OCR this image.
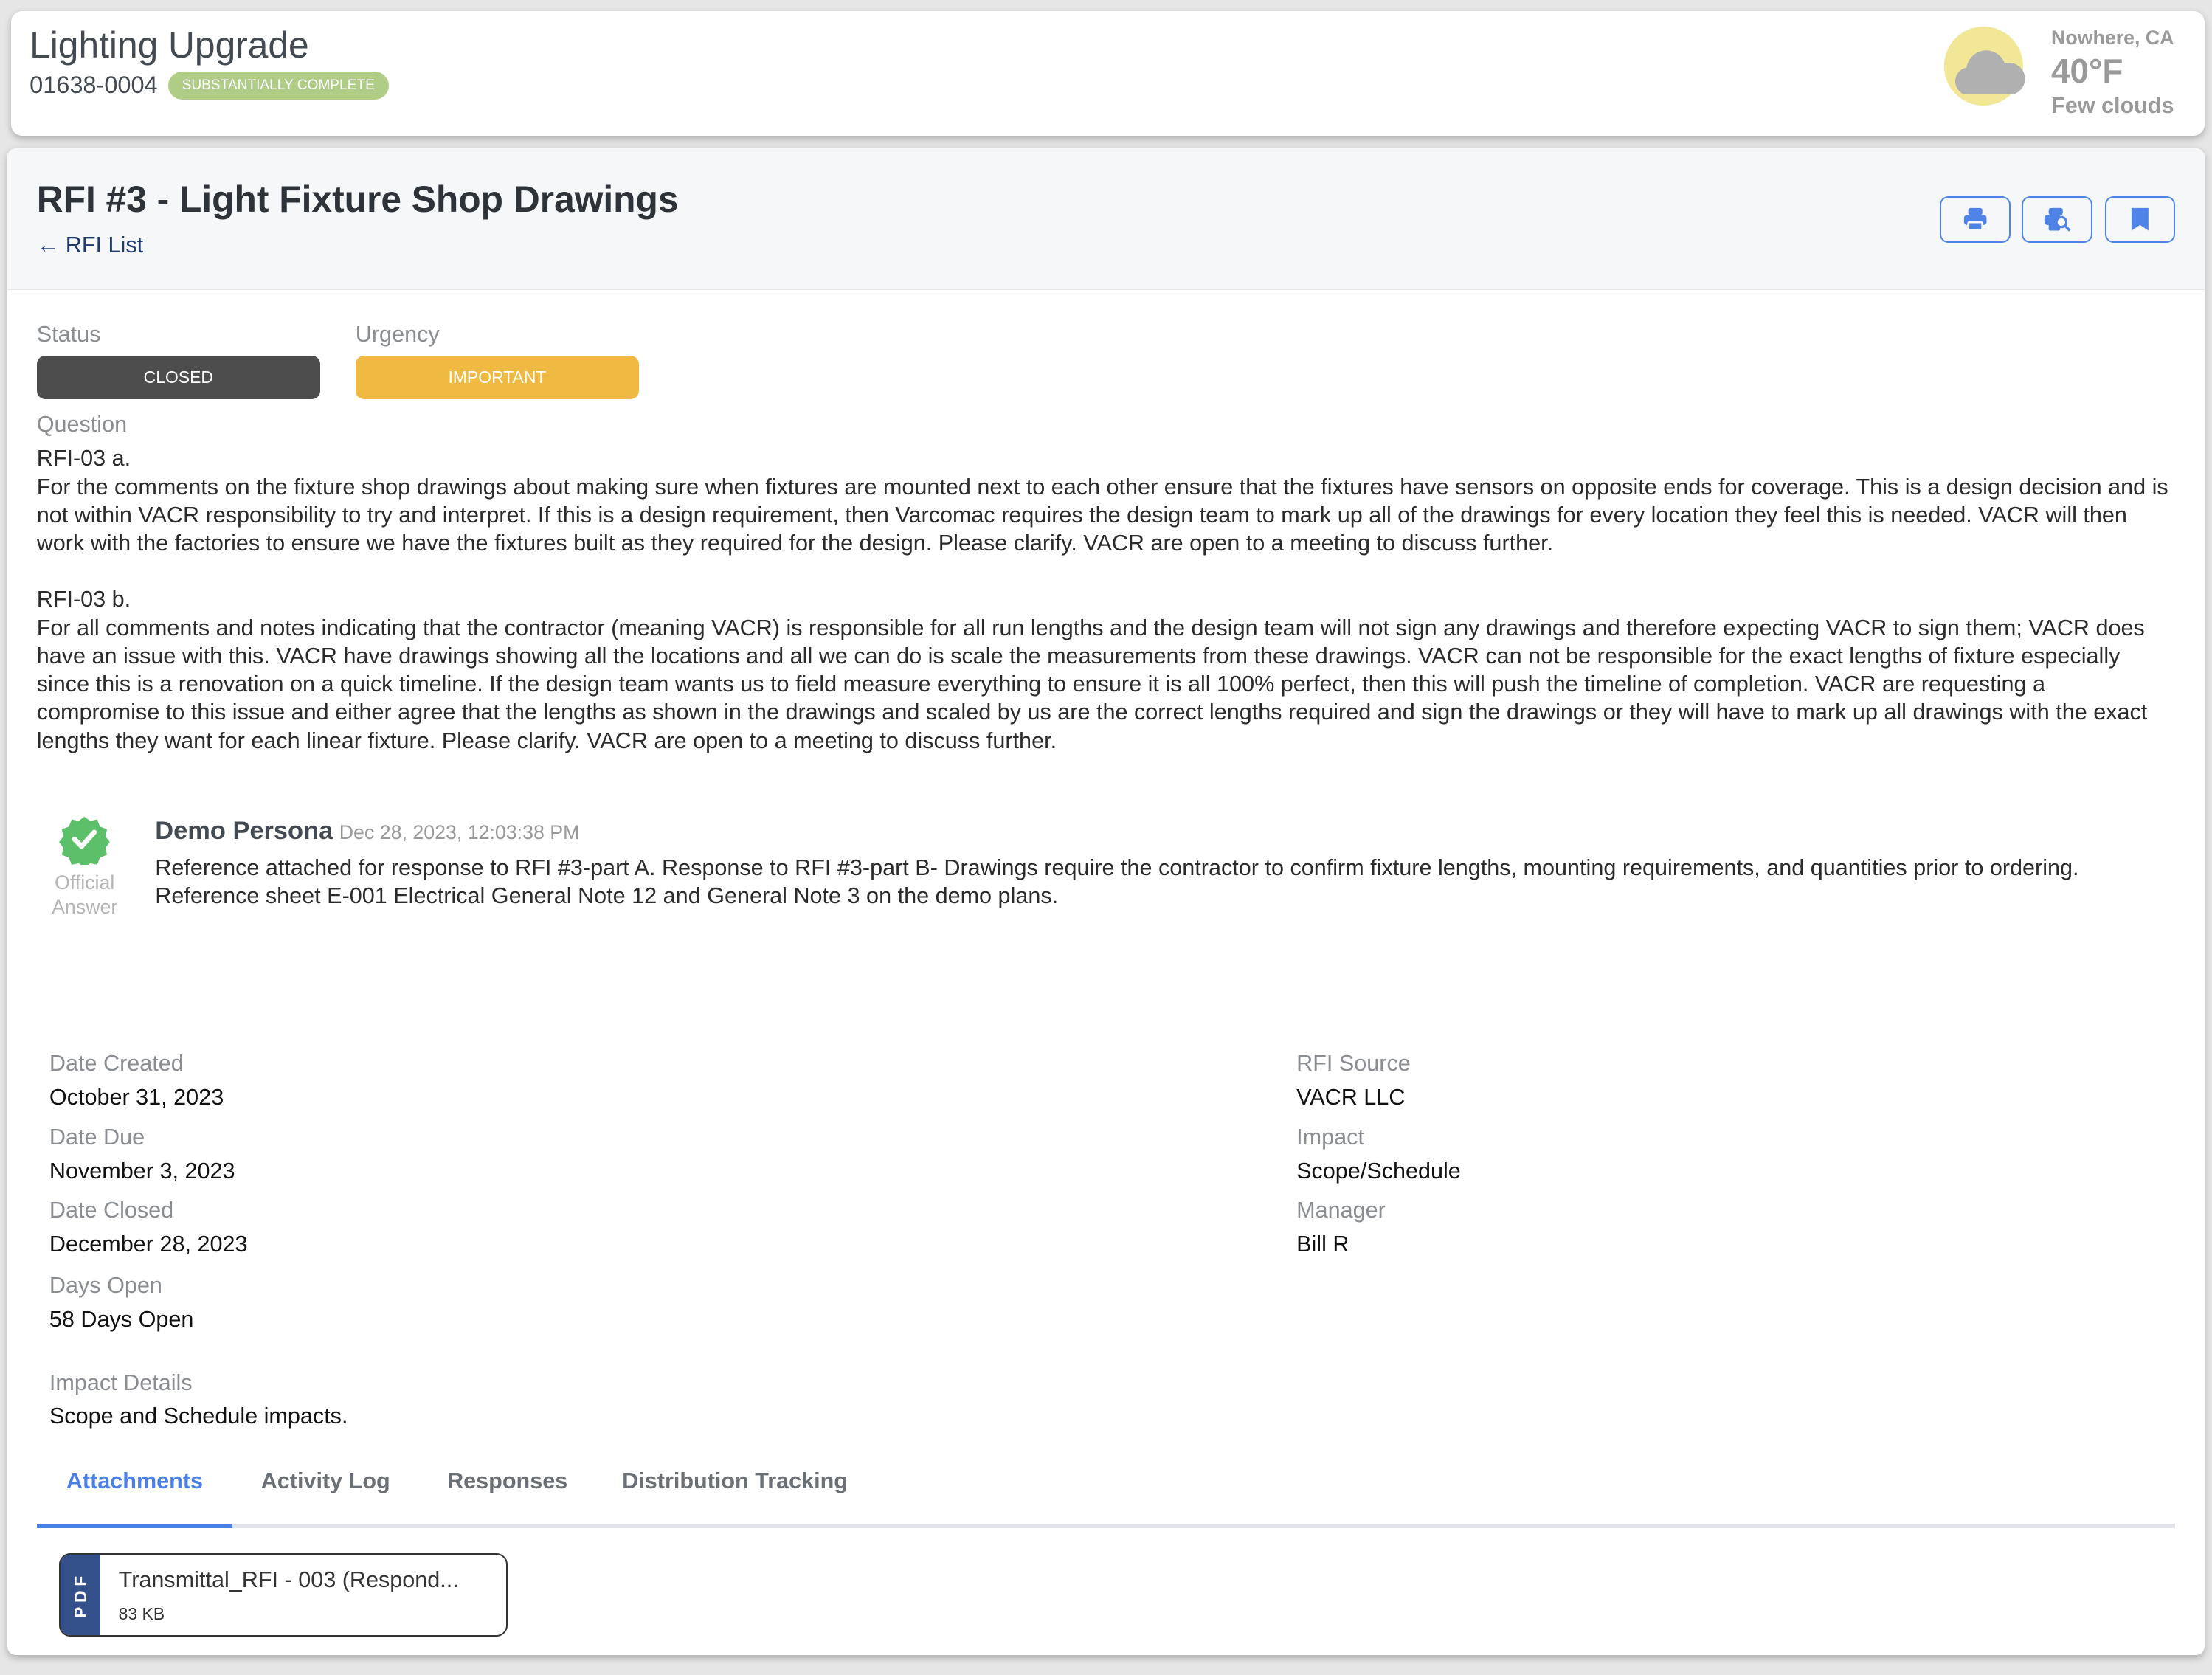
Lighting Upgrade
01638-0004	SUBSTANTIALLY COMPLETE
Nowhere, CA
40°F
Few clouds
RFI #3 - Light Fixture Shop Drawings
← RFI List
Status
CLOSED
Urgency
IMPORTANT
Question
RFI-03 a.
For the comments on the fixture shop drawings about making sure when fixtures are mounted next to each other ensure that the fixtures have sensors on opposite ends for coverage. This is a design decision and is not within VACR responsibility to try and interpret. If this is a design requirement, then Varcomac requires the design team to mark up all of the drawings for every location they feel this is needed. VACR will then work with the factories to ensure we have the fixtures built as they required for the design. Please clarify. VACR are open to a meeting to discuss further.
RFI-03 b.
For all comments and notes indicating that the contractor (meaning VACR) is responsible for all run lengths and the design team will not sign any drawings and therefore expecting VACR to sign them; VACR does have an issue with this. VACR have drawings showing all the locations and all we can do is scale the measurements from these drawings. VACR can not be responsible for the exact lengths of fixture especially since this is a renovation on a quick timeline. If the design team wants us to field measure everything to ensure it is all 100% perfect, then this will push the timeline of completion. VACR are requesting a compromise to this issue and either agree that the lengths as shown in the drawings and scaled by us are the correct lengths required and sign the drawings or they will have to mark up all drawings with the exact lengths they want for each linear fixture. Please clarify. VACR are open to a meeting to discuss further.
Official Answer
Demo Persona Dec 28, 2023, 12:03:38 PM
Reference attached for response to RFI #3-part A. Response to RFI #3-part B- Drawings require the contractor to confirm fixture lengths, mounting requirements, and quantities prior to ordering. Reference sheet E-001 Electrical General Note 12 and General Note 3 on the demo plans.
Date Created
October 31, 2023
Date Due
November 3, 2023
Date Closed
December 28, 2023
Days Open
58 Days Open
RFI Source
VACR LLC
Impact
Scope/Schedule
Manager
Bill R
Impact Details
Scope and Schedule impacts.
Attachments	Activity Log	Responses	Distribution Tracking
PDF Transmittal_RFI - 003 (Respond...
83 KB
